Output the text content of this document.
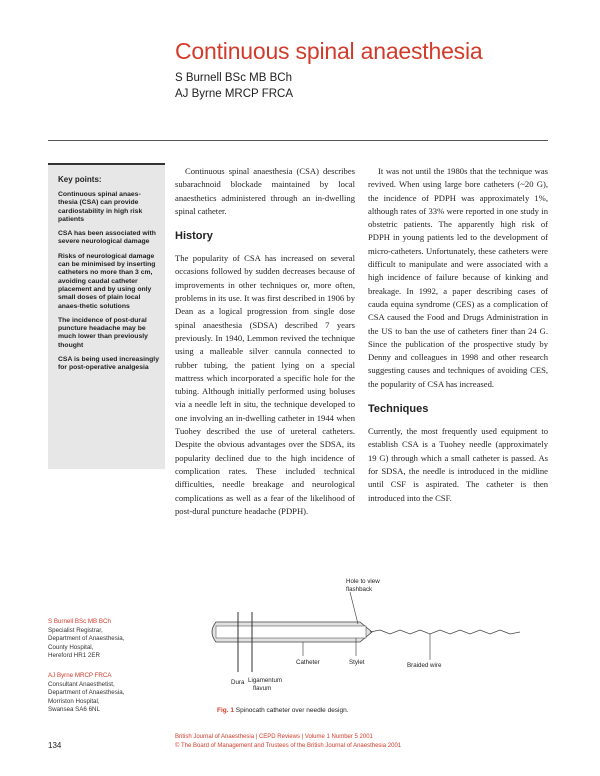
Continuous spinal anaesthesia
S Burnell BSc MB BCh
AJ Byrne MRCP FRCA
Key points:
Continuous spinal anaes-thesia (CSA) can provide cardiostability in high risk patients
CSA has been associated with severe neurological damage
Risks of neurological damage can be minimised by inserting catheters no more than 3 cm, avoiding caudal catheter placement and by using only small doses of plain local anaes-thetic solutions
The incidence of post-dural puncture headache may be much lower than previously thought
CSA is being used increasingly for post-operative analgesia

Continuous spinal anaesthesia (CSA) describes subarachnoid blockade maintained by local anaesthetics administered through an in-dwelling spinal catheter.

History

The popularity of CSA has increased on several occasions followed by sudden decreases because of improvements in other techniques or, more often, problems in its use. It was first described in 1906 by Dean as a logical progression from single dose spinal anaesthesia (SDSA) described 7 years previously. In 1940, Lemmon revived the technique using a malleable silver cannula connected to rubber tubing, the patient lying on a special mattress which incorporated a specific hole for the tubing. Although initially performed using boluses via a needle left in situ, the technique developed to one involving an in-dwelling catheter in 1944 when Tuohey described the use of ureteral catheters. Despite the obvious advantages over the SDSA, its popularity declined due to the high incidence of complication rates. These included technical difficulties, needle breakage and neurological complications as well as a fear of the likelihood of post-dural puncture headache (PDPH).

It was not until the 1980s that the technique was revived. When using large bore catheters (~20 G), the incidence of PDPH was approximately 1%, although rates of 33% were reported in one study in obstetric patients. The apparently high risk of PDPH in young patients led to the development of micro-catheters. Unfortunately, these catheters were difficult to manipulate and were associated with a high incidence of failure because of kinking and breakage. In 1992, a paper describing cases of cauda equina syndrome (CES) as a complication of CSA caused the Food and Drugs Administration in the US to ban the use of catheters finer than 24 G. Since the publication of the prospective study by Denny and colleagues in 1998 and other research suggesting causes and techniques of avoiding CES, the popularity of CSA has increased.

Techniques

Currently, the most frequently used equipment to establish CSA is a Tuohey needle (approximately 19 G) through which a small catheter is passed. As for SDSA, the needle is introduced in the midline until CSF is aspirated. The catheter is then introduced into the CSF.

S Burnell BSc MB BCh
Specialist Registrar,
Department of Anaesthesia,
County Hospital,
Hereford HR1 2ER
AJ Byrne MRCP FRCA
Consultant Anaesthetist,
Department of Anaesthesia,
Morriston Hospital,
Swansea SA6 6NL
Hole to view
flashback
Catheter	Stylet	Braided wire
Dura Ligamentum
flavum
Fig. 1 Spinocath catheter over needle design.
134
British Journal of Anaesthesia | CEPD Reviews | Volume 1 Number 5 2001
© The Board of Management and Trustees of the British Journal of Anaesthesia 2001
